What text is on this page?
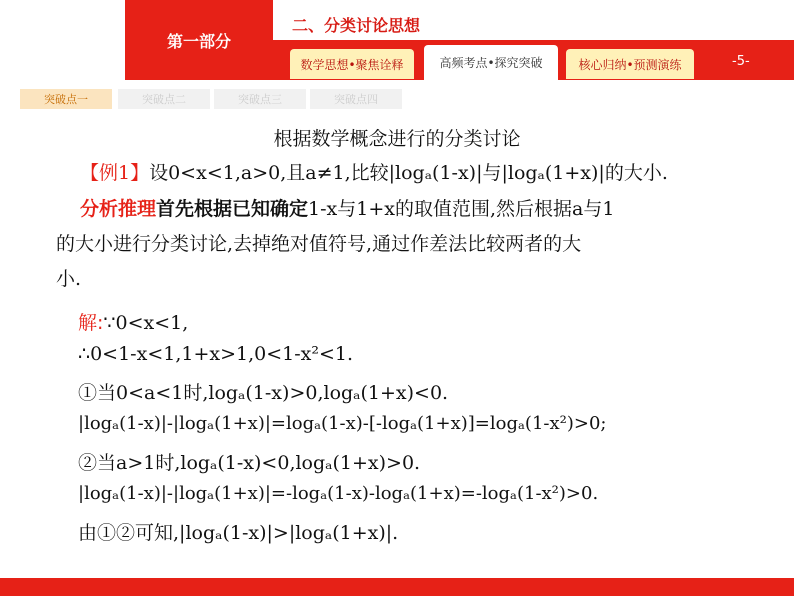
第一部分
二、分类讨论思想
数学思想•聚焦诠释	高频考点•探究突破	核心归纳•预测演练	-5-
突破点一	突破点二	突破点三	突破点四
根据数学概念进行的分类讨论
【例1】设0<x<1,a>0,且a≠1,比较|logₐ(1-x)|与|logₐ(1+x)|的大小.
分析推理首先根据已知确定1-x与1+x的取值范围,然后根据a与1
的大小进行分类讨论,去掉绝对值符号,通过作差法比较两者的大
小.
解:∵0<x<1,
∴0<1-x<1,1+x>1,0<1-x²<1.
①当0<a<1时,logₐ(1-x)>0,logₐ(1+x)<0.
|logₐ(1-x)|-|logₐ(1+x)|=logₐ(1-x)-[-logₐ(1+x)]=logₐ(1-x²)>0;
②当a>1时,logₐ(1-x)<0,logₐ(1+x)>0.
|logₐ(1-x)|-|logₐ(1+x)|=-logₐ(1-x)-logₐ(1+x)=-logₐ(1-x²)>0.
由①②可知,|logₐ(1-x)|>|logₐ(1+x)|.
